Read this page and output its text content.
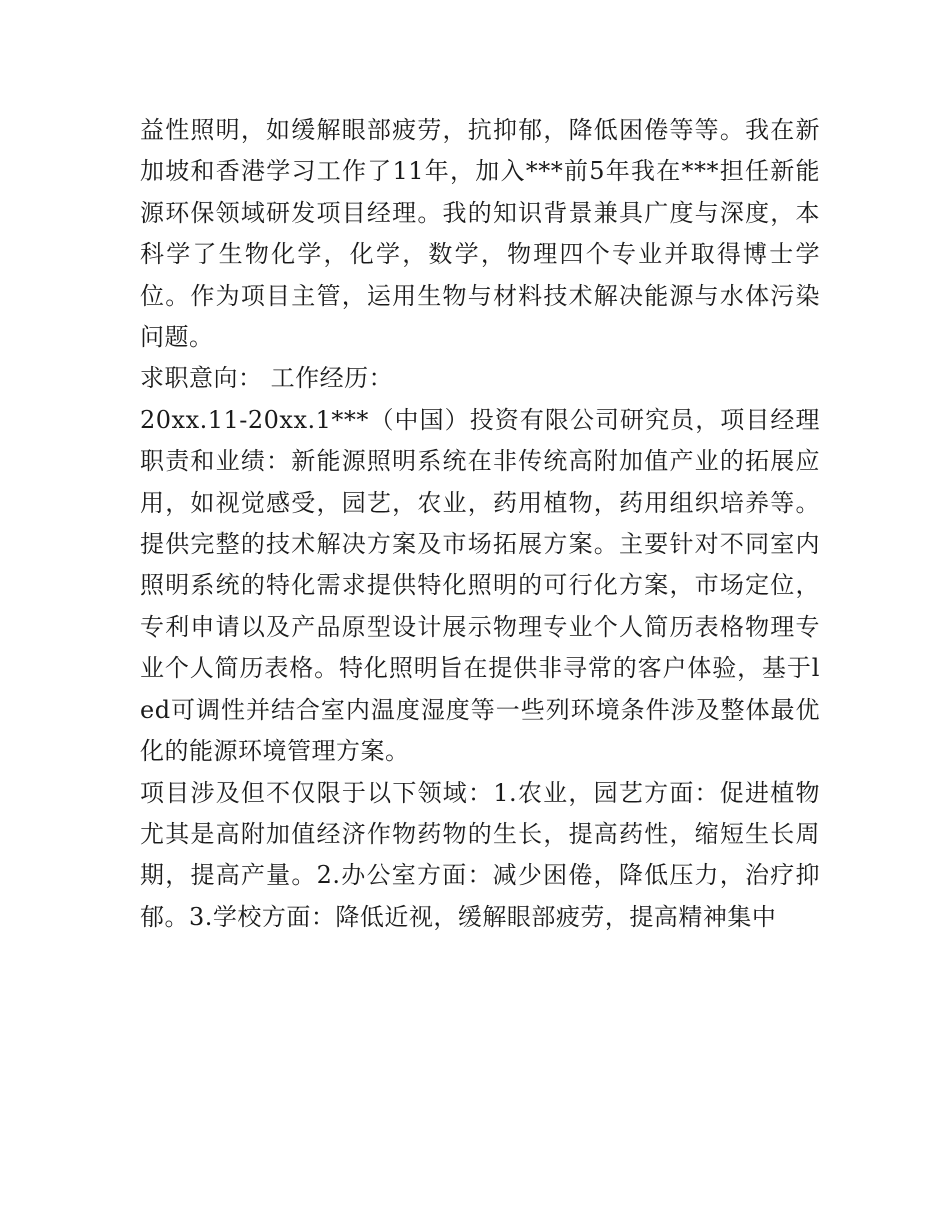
益性照明，如缓解眼部疲劳，抗抑郁，降低困倦等等。我在新加坡和香港学习工作了11年，加入***前5年我在***担任新能源环保领域研发项目经理。我的知识背景兼具广度与深度，本科学了生物化学，化学，数学，物理四个专业并取得博士学位。作为项目主管，运用生物与材料技术解决能源与水体污染问题。

求职意向： 工作经历：

20xx.11-20xx.1***（中国）投资有限公司研究员，项目经理职责和业绩：新能源照明系统在非传统高附加值产业的拓展应用，如视觉感受，园艺，农业，药用植物，药用组织培养等。提供完整的技术解决方案及市场拓展方案。主要针对不同室内照明系统的特化需求提供特化照明的可行化方案，市场定位，专利申请以及产品原型设计展示物理专业个人简历表格物理专业个人简历表格。特化照明旨在提供非寻常的客户体验，基于led可调性并结合室内温度湿度等一些列环境条件涉及整体最优化的能源环境管理方案。

项目涉及但不仅限于以下领域：1.农业，园艺方面：促进植物尤其是高附加值经济作物药物的生长，提高药性，缩短生长周期，提高产量。2.办公室方面：减少困倦，降低压力，治疗抑郁。3.学校方面：降低近视，缓解眼部疲劳，提高精神集中
